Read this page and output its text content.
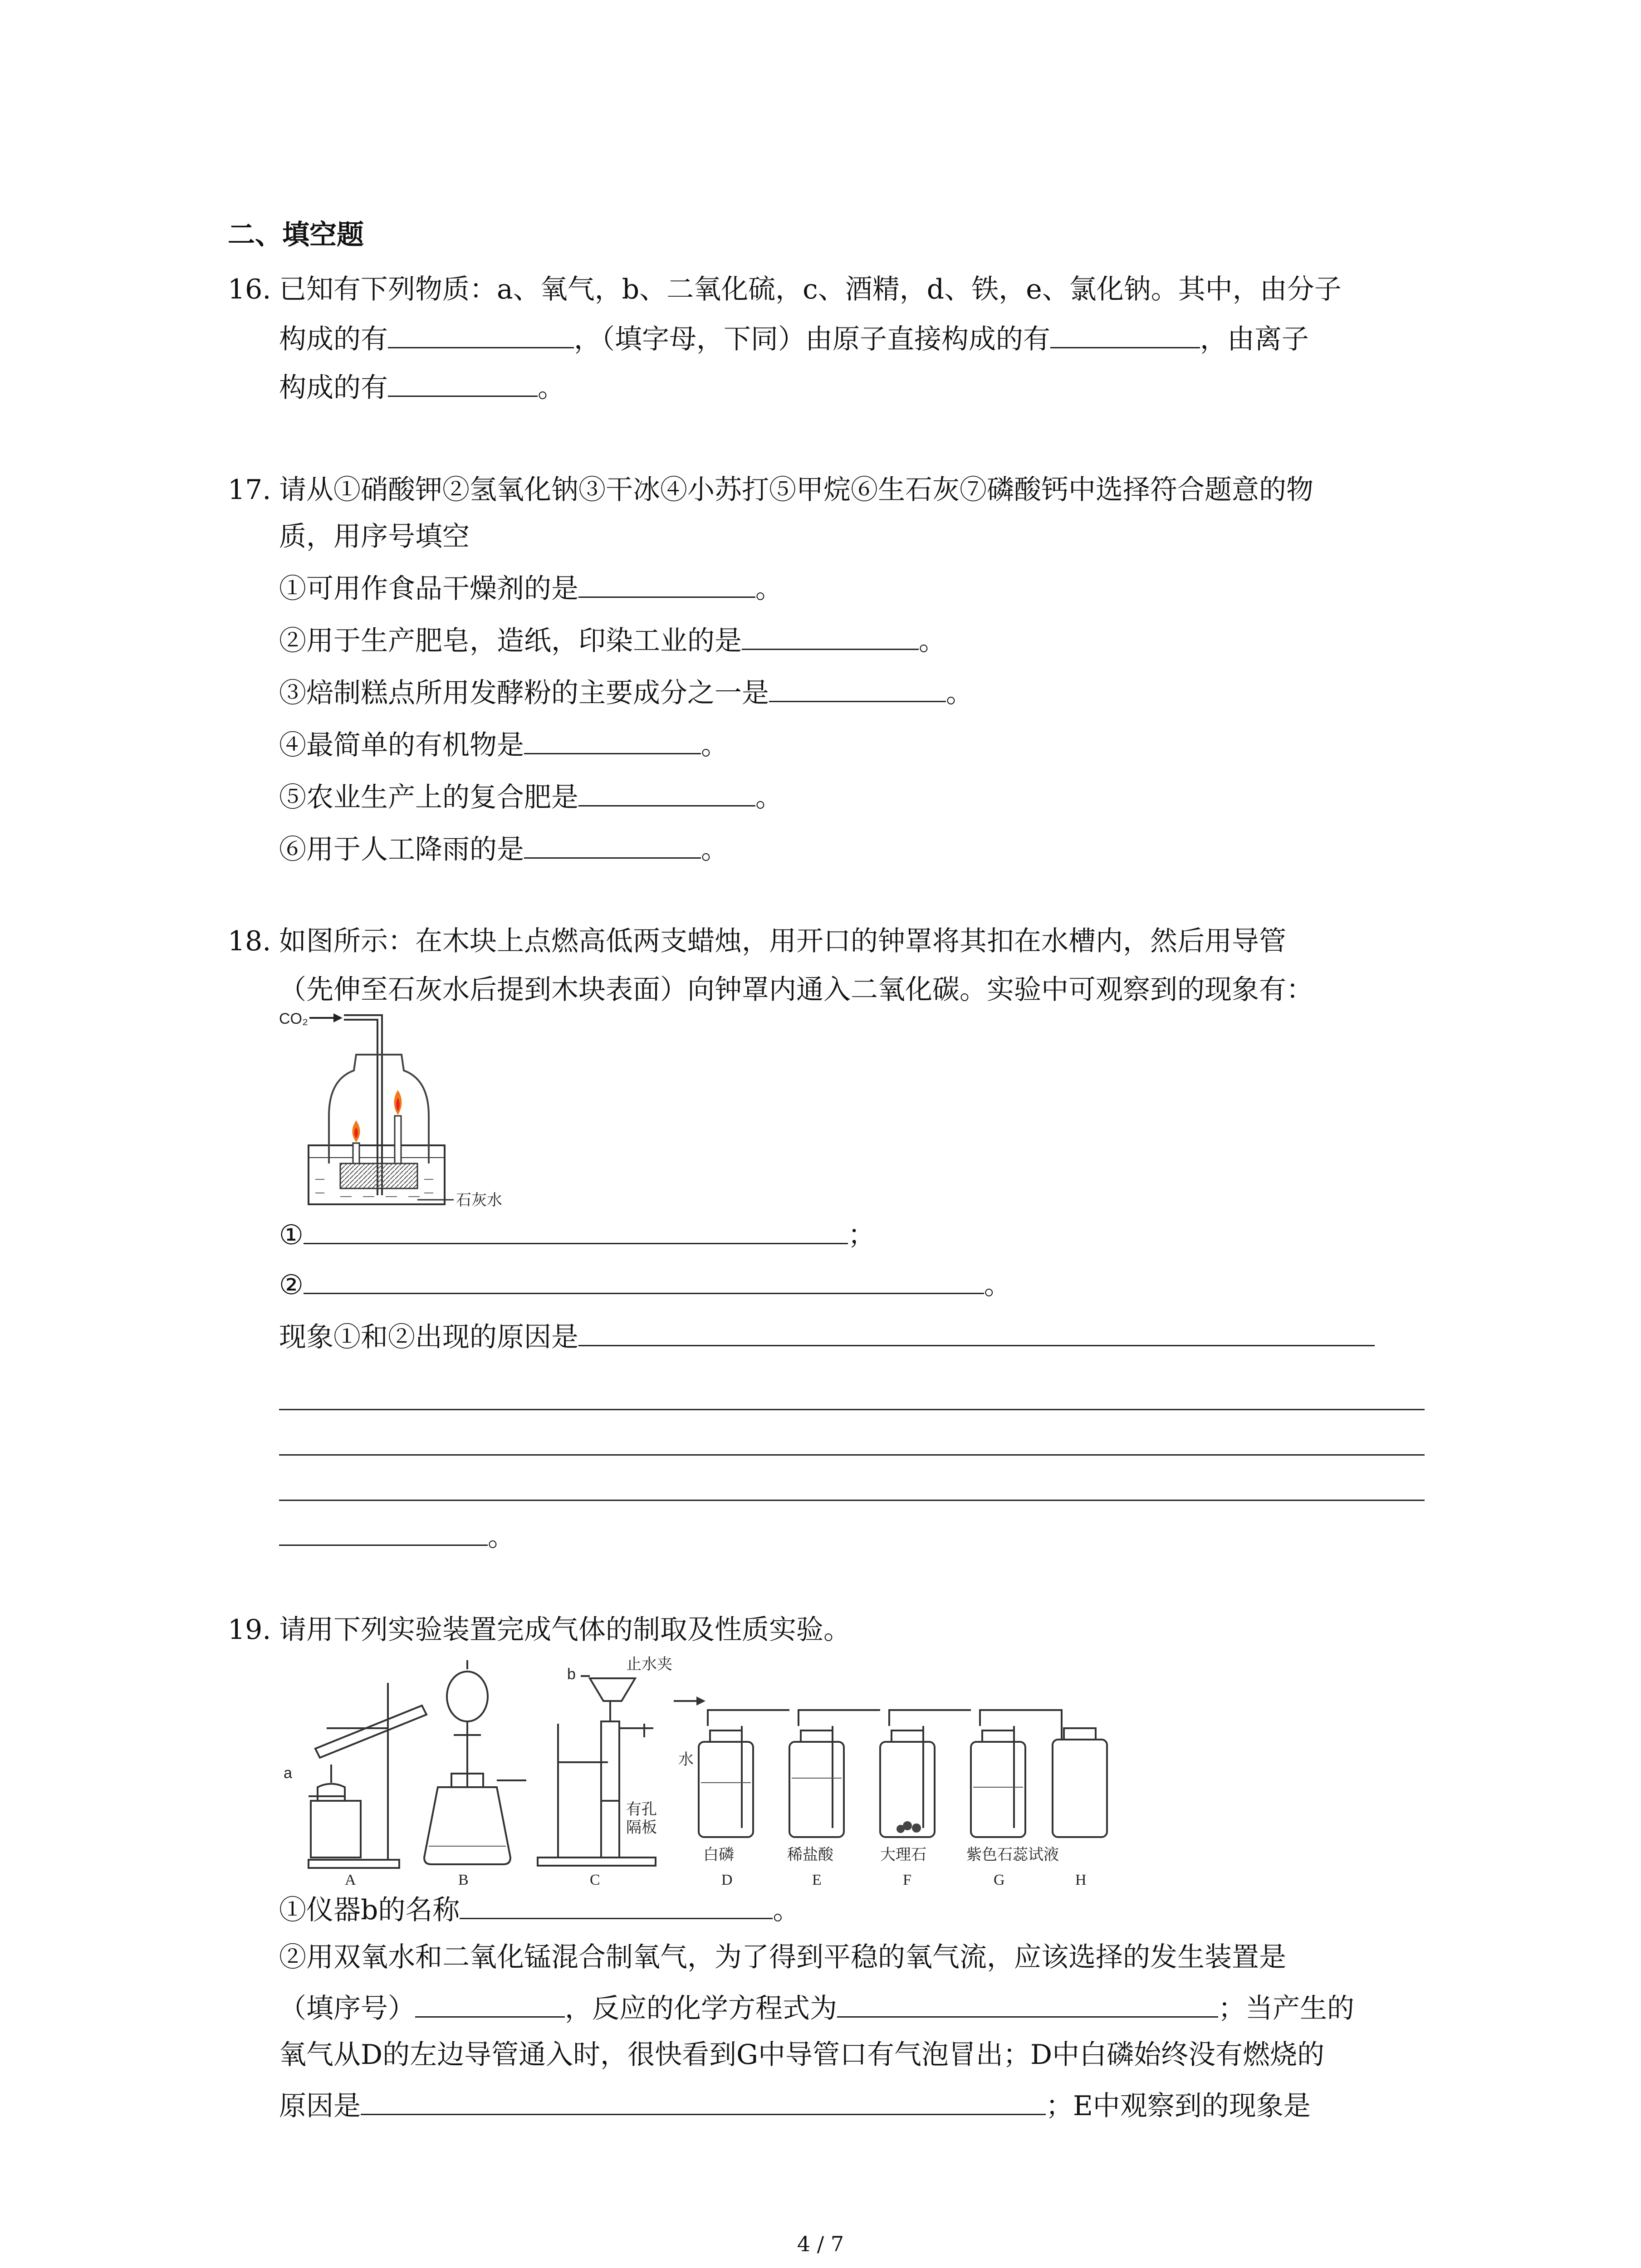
二、填空题
16. 已知有下列物质：a、氧气，b、二氧化硫，c、酒精，d、铁，e、氯化钠。其中，由分子
构成的有	，（填字母，下同）由原子直接构成的有	，由离子
构成的有	。
17. 请从①硝酸钾②氢氧化钠③干冰④小苏打⑤甲烷⑥生石灰⑦磷酸钙中选择符合题意的物
质，用序号填空
①可用作食品干燥剂的是	。
②用于生产肥皂，造纸，印染工业的是	。
③焙制糕点所用发酵粉的主要成分之一是	。
④最简单的有机物是	。
⑤农业生产上的复合肥是	。
⑥用于人工降雨的是	。
18. 如图所示：在木块上点燃高低两支蜡烛，用开口的钟罩将其扣在水槽内，然后用导管
（先伸至石灰水后提到木块表面）向钟罩内通入二氧化碳。实验中可观察到的现象有：
CO₂
石灰水
①	；
②	。
现象①和②出现的原因是
。
19. 请用下列实验装置完成气体的制取及性质实验。
a
b
止水夹
水
有孔
隔板
白磷	稀盐酸	大理石	紫色石蕊试液
A	B	C	D	E	F	G	H
①仪器b的名称	。
②用双氧水和二氧化锰混合制氧气，为了得到平稳的氧气流，应该选择的发生装置是
（填序号）	，反应的化学方程式为	；当产生的
氧气从D的左边导管通入时，很快看到G中导管口有气泡冒出；D中白磷始终没有燃烧的
原因是	；E中观察到的现象是
4 / 7
